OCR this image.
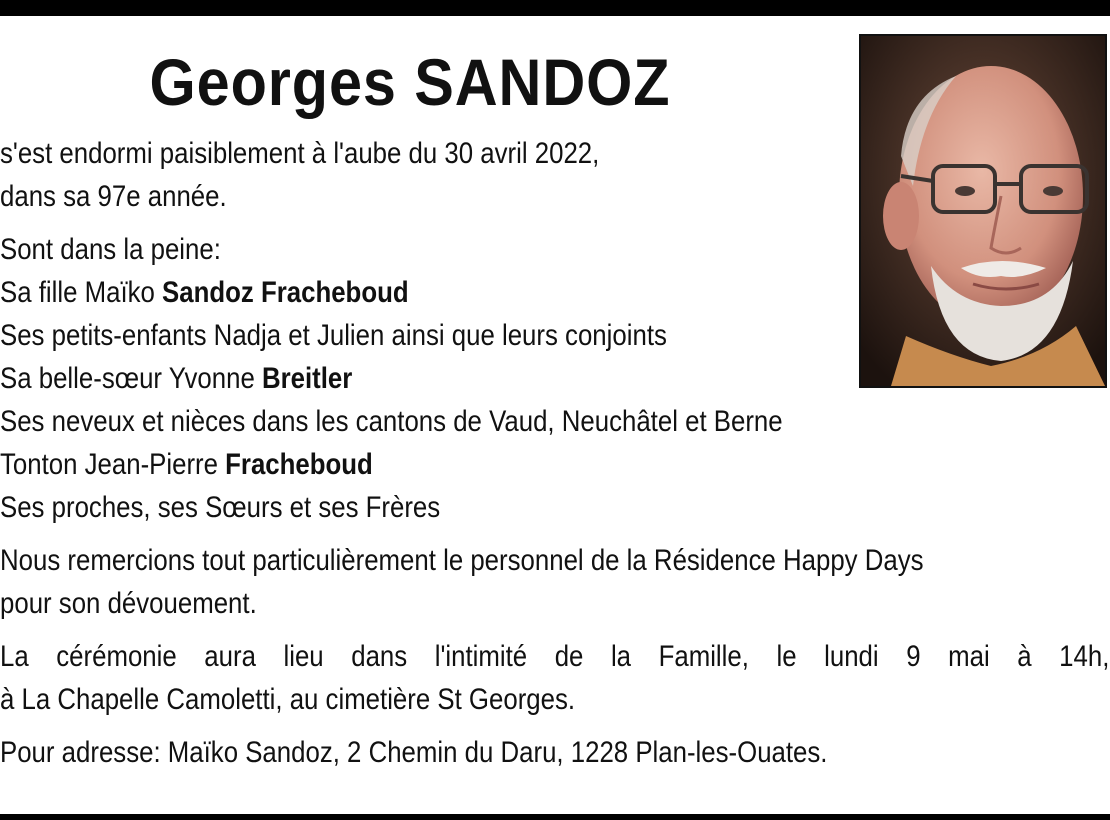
Georges SANDOZ

s'est endormi paisiblement à l'aube du 30 avril 2022,
dans sa 97e année.

Sont dans la peine:
Sa fille Maïko Sandoz Fracheboud
Ses petits-enfants Nadja et Julien ainsi que leurs conjoints
Sa belle-sœur Yvonne Breitler
Ses neveux et nièces dans les cantons de Vaud, Neuchâtel et Berne
Tonton Jean-Pierre Fracheboud
Ses proches, ses Sœurs et ses Frères

Nous remercions tout particulièrement le personnel de la Résidence Happy Days
pour son dévouement.

La cérémonie aura lieu dans l'intimité de la Famille, le lundi 9 mai à 14h,
à La Chapelle Camoletti, au cimetière St Georges.

Pour adresse: Maïko Sandoz, 2 Chemin du Daru, 1228 Plan-les-Ouates.
